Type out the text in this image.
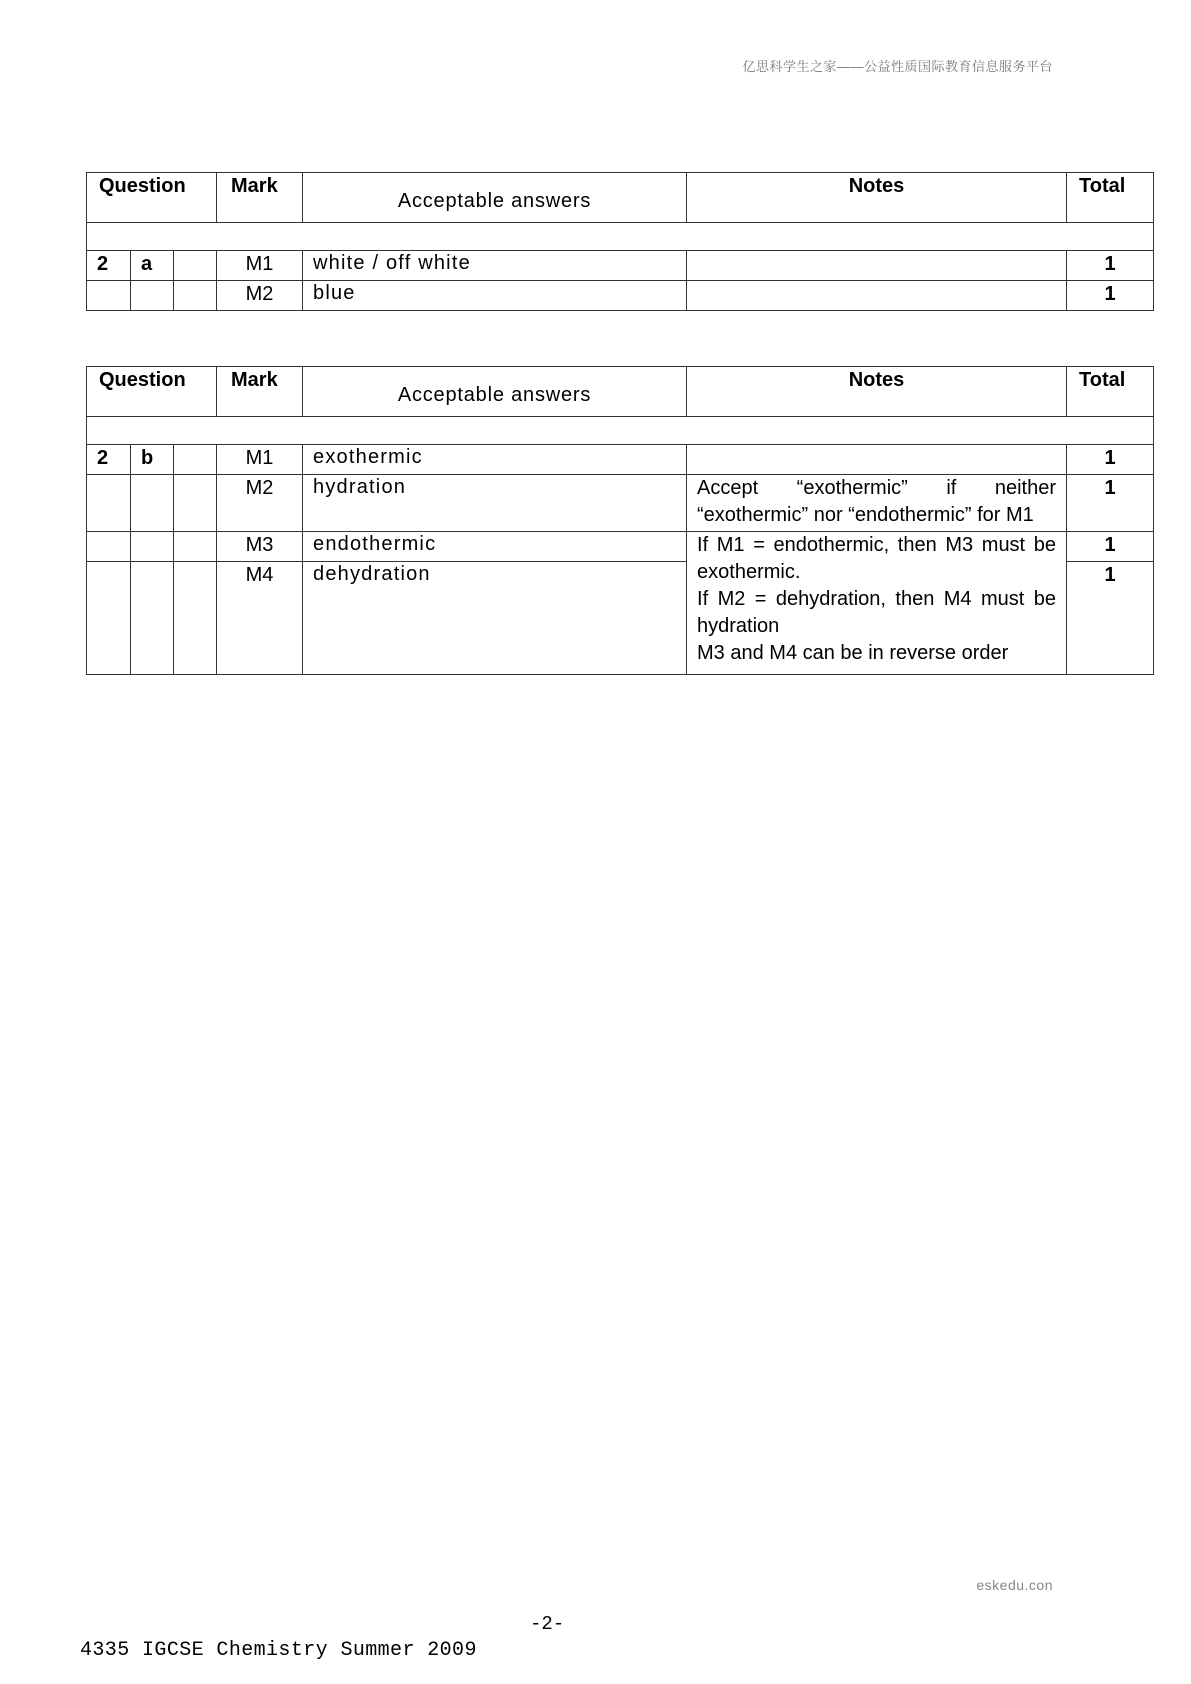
亿思科学生之家——公益性质国际教育信息服务平台
Question			Mark	Acceptable answers	Notes	Total

2	a		M1	white / off white		1
			M2	blue		1
Question			Mark	Acceptable answers	Notes	Total

2	b		M1	exothermic		1
			M2	hydration	Accept “exothermic” if neither “exothermic” nor “endothermic” for M1	1
			M3	endothermic	If M1 = endothermic, then M3 must be exothermic.
If M2 = dehydration, then M4 must be hydration
M3 and M4 can be in reverse order	1
			M4	dehydration		1
eskedu.con
-2-
4335 IGCSE Chemistry Summer 2009
